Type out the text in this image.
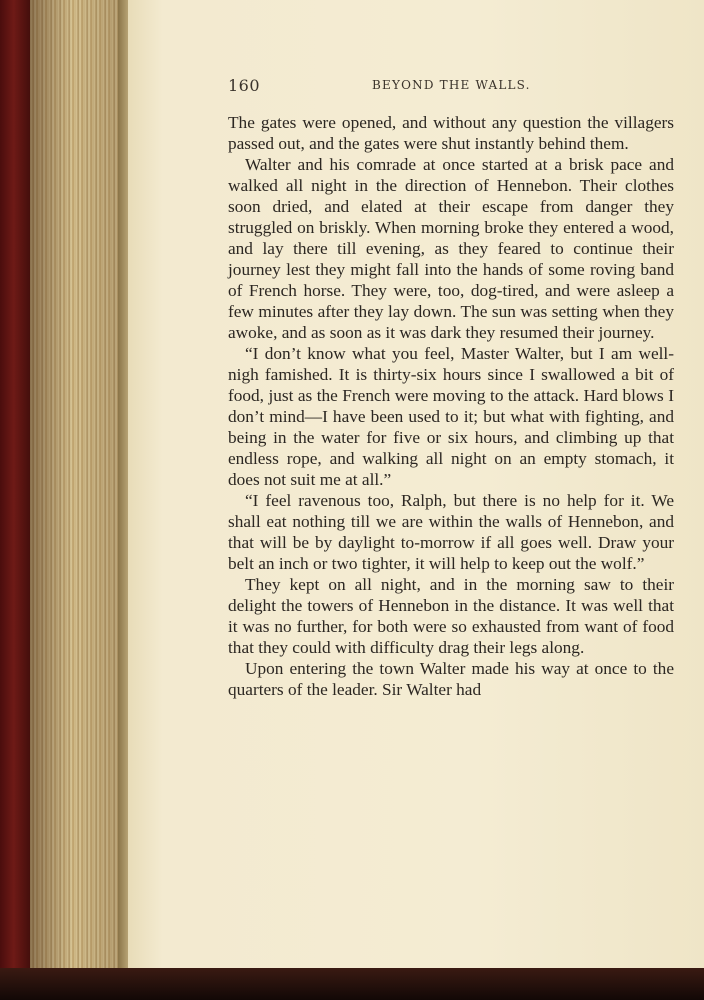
160	BEYOND THE WALLS.

The gates were opened, and without any question the villagers passed out, and the gates were shut instantly behind them.

Walter and his comrade at once started at a brisk pace and walked all night in the direction of Hennebon. Their clothes soon dried, and elated at their escape from danger they struggled on briskly. When morning broke they entered a wood, and lay there till evening, as they feared to continue their journey lest they might fall into the hands of some roving band of French horse. They were, too, dog-tired, and were asleep a few minutes after they lay down. The sun was setting when they awoke, and as soon as it was dark they resumed their journey.

“I don’t know what you feel, Master Walter, but I am well-nigh famished. It is thirty-six hours since I swallowed a bit of food, just as the French were moving to the attack. Hard blows I don’t mind—I have been used to it; but what with fighting, and being in the water for five or six hours, and climbing up that endless rope, and walking all night on an empty stomach, it does not suit me at all.”

“I feel ravenous too, Ralph, but there is no help for it. We shall eat nothing till we are within the walls of Hennebon, and that will be by daylight to-morrow if all goes well. Draw your belt an inch or two tighter, it will help to keep out the wolf.”

They kept on all night, and in the morning saw to their delight the towers of Hennebon in the distance. It was well that it was no further, for both were so exhausted from want of food that they could with difficulty drag their legs along.

Upon entering the town Walter made his way at once to the quarters of the leader. Sir Walter had
